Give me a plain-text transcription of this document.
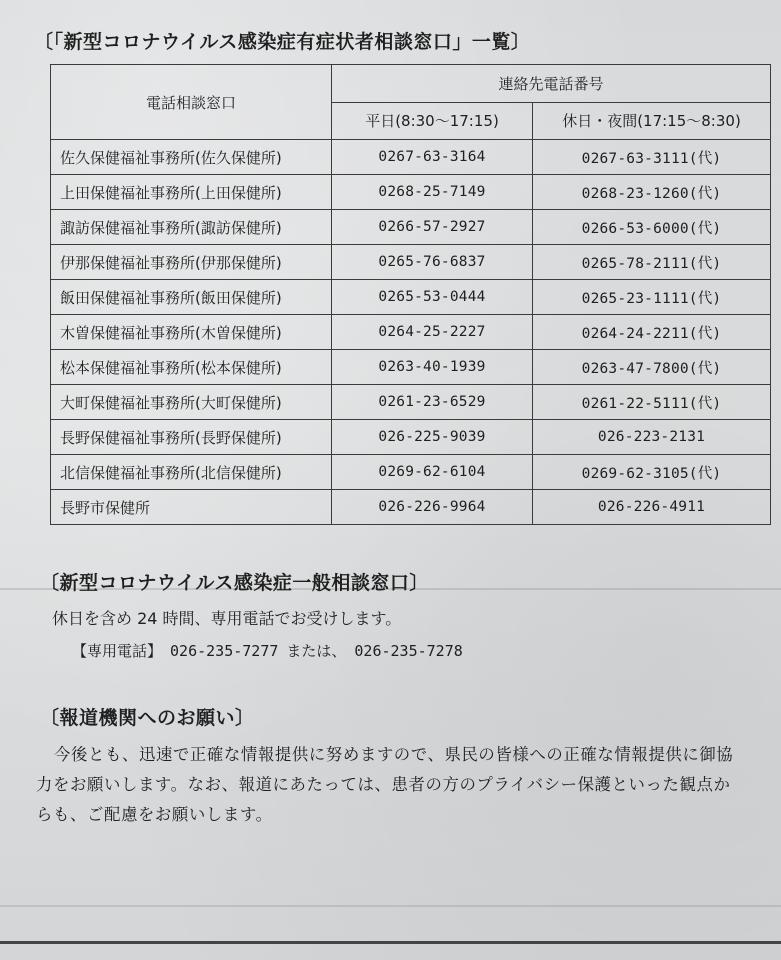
〔「新型コロナウイルス感染症有症状者相談窓口」一覧〕
電話相談窓口	連絡先電話番号	
	平日(8:30〜17:15)	休日・夜間(17:15〜8:30)
佐久保健福祉事務所(佐久保健所)	0267-63-3164	0267-63-3111(代)
上田保健福祉事務所(上田保健所)	0268-25-7149	0268-23-1260(代)
諏訪保健福祉事務所(諏訪保健所)	0266-57-2927	0266-53-6000(代)
伊那保健福祉事務所(伊那保健所)	0265-76-6837	0265-78-2111(代)
飯田保健福祉事務所(飯田保健所)	0265-53-0444	0265-23-1111(代)
木曽保健福祉事務所(木曽保健所)	0264-25-2227	0264-24-2211(代)
松本保健福祉事務所(松本保健所)	0263-40-1939	0263-47-7800(代)
大町保健福祉事務所(大町保健所)	0261-23-6529	0261-22-5111(代)
長野保健福祉事務所(長野保健所)	026-225-9039	026-223-2131
北信保健福祉事務所(北信保健所)	0269-62-6104	0269-62-3105(代)
長野市保健所	026-226-9964	026-226-4911
〔新型コロナウイルス感染症一般相談窓口〕
休日を含め 24 時間、専用電話でお受けします。
【専用電話】 026-235-7277 または、 026-235-7278
〔報道機関へのお願い〕
今後とも、迅速で正確な情報提供に努めますので、県民の皆様への正確な情報提供に御協
力をお願いします。なお、報道にあたっては、患者の方のプライバシー保護といった観点か
らも、ご配慮をお願いします。
